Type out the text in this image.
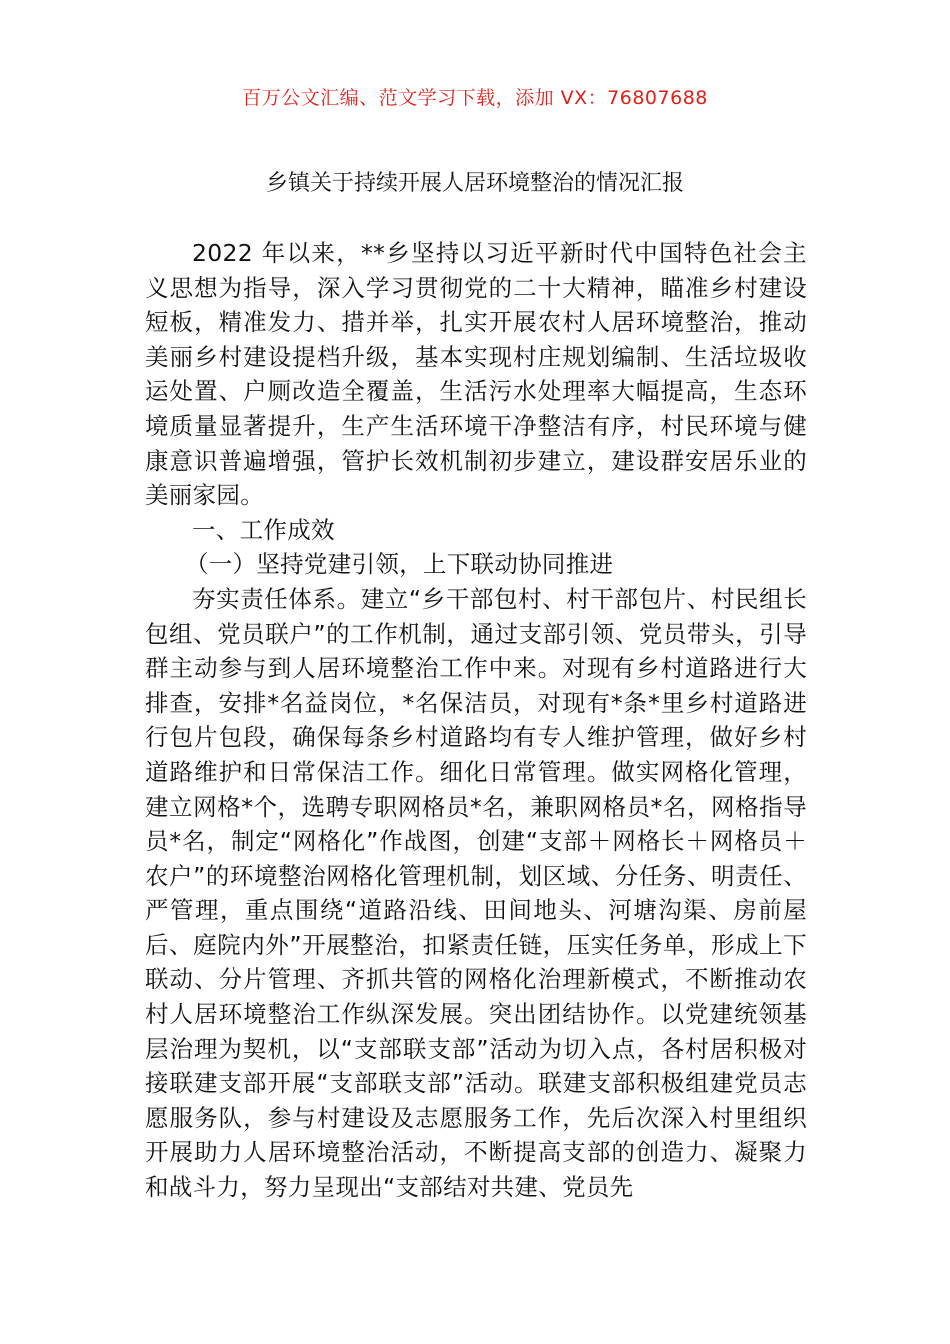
百万公文汇编、范文学习下载，添加 VX：76807688
乡镇关于持续开展人居环境整治的情况汇报

2022 年以来，**乡坚持以习近平新时代中国特色社会主义思想为指导，深入学习贯彻党的二十大精神，瞄准乡村建设短板，精准发力、措并举，扎实开展农村人居环境整治，推动美丽乡村建设提档升级，基本实现村庄规划编制、生活垃圾收运处置、户厕改造全覆盖，生活污水处理率大幅提高，生态环境质量显著提升，生产生活环境干净整洁有序，村民环境与健康意识普遍增强，管护长效机制初步建立，建设群安居乐业的美丽家园。

一、工作成效
（一）坚持党建引领，上下联动协同推进

夯实责任体系。建立“乡干部包村、村干部包片、村民组长包组、党员联户”的工作机制，通过支部引领、党员带头，引导群主动参与到人居环境整治工作中来。对现有乡村道路进行大排查，安排*名益岗位，*名保洁员，对现有*条*里乡村道路进行包片包段，确保每条乡村道路均有专人维护管理，做好乡村道路维护和日常保洁工作。细化日常管理。做实网格化管理，建立网格*个，选聘专职网格员*名，兼职网格员*名，网格指导员*名，制定“网格化”作战图，创建“支部＋网格长＋网格员＋农户”的环境整治网格化管理机制，划区域、分任务、明责任、严管理，重点围绕“道路沿线、田间地头、河塘沟渠、房前屋后、庭院内外”开展整治，扣紧责任链，压实任务单，形成上下联动、分片管理、齐抓共管的网格化治理新模式，不断推动农村人居环境整治工作纵深发展。突出团结协作。以党建统领基层治理为契机，以“支部联支部”活动为切入点，各村居积极对接联建支部开展“支部联支部”活动。联建支部积极组建党员志愿服务队，参与村建设及志愿服务工作，先后次深入村里组织开展助力人居环境整治活动，不断提高支部的创造力、凝聚力和战斗力，努力呈现出“支部结对共建、党员先
